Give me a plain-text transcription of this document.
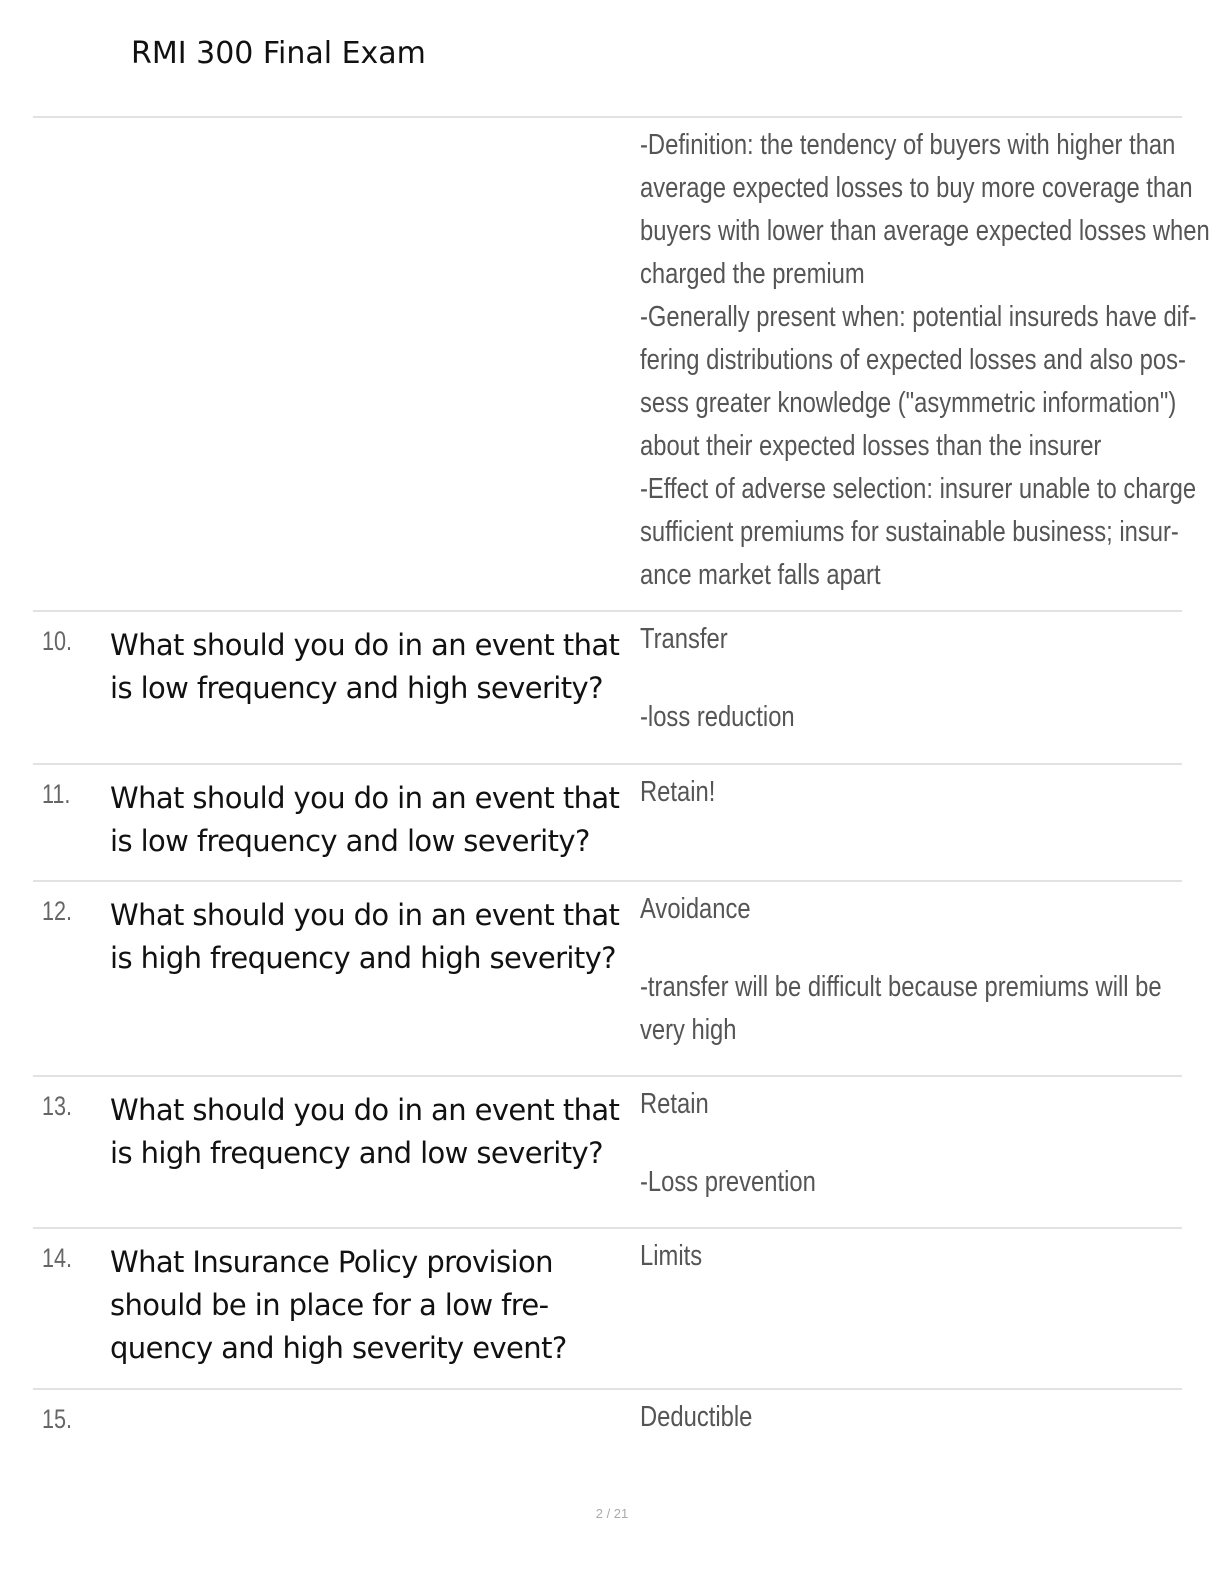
RMI 300 Final Exam
-Definition: the tendency of buyers with higher than
average expected losses to buy more coverage than
buyers with lower than average expected losses when
charged the premium
-Generally present when: potential insureds have dif-
fering distributions of expected losses and also pos-
sess greater knowledge ("asymmetric information")
about their expected losses than the insurer
-Effect of adverse selection: insurer unable to charge
sufficient premiums for sustainable business; insur-
ance market falls apart
10. What should you do in an event that
is low frequency and high severity?
Transfer
-loss reduction
11. What should you do in an event that
is low frequency and low severity?
Retain!
12. What should you do in an event that
is high frequency and high severity?
Avoidance
-transfer will be difficult because premiums will be
very high
13. What should you do in an event that
is high frequency and low severity?
Retain
-Loss prevention
14. What Insurance Policy provision
should be in place for a low fre-
quency and high severity event?
Limits
15.	Deductible
2 / 21
